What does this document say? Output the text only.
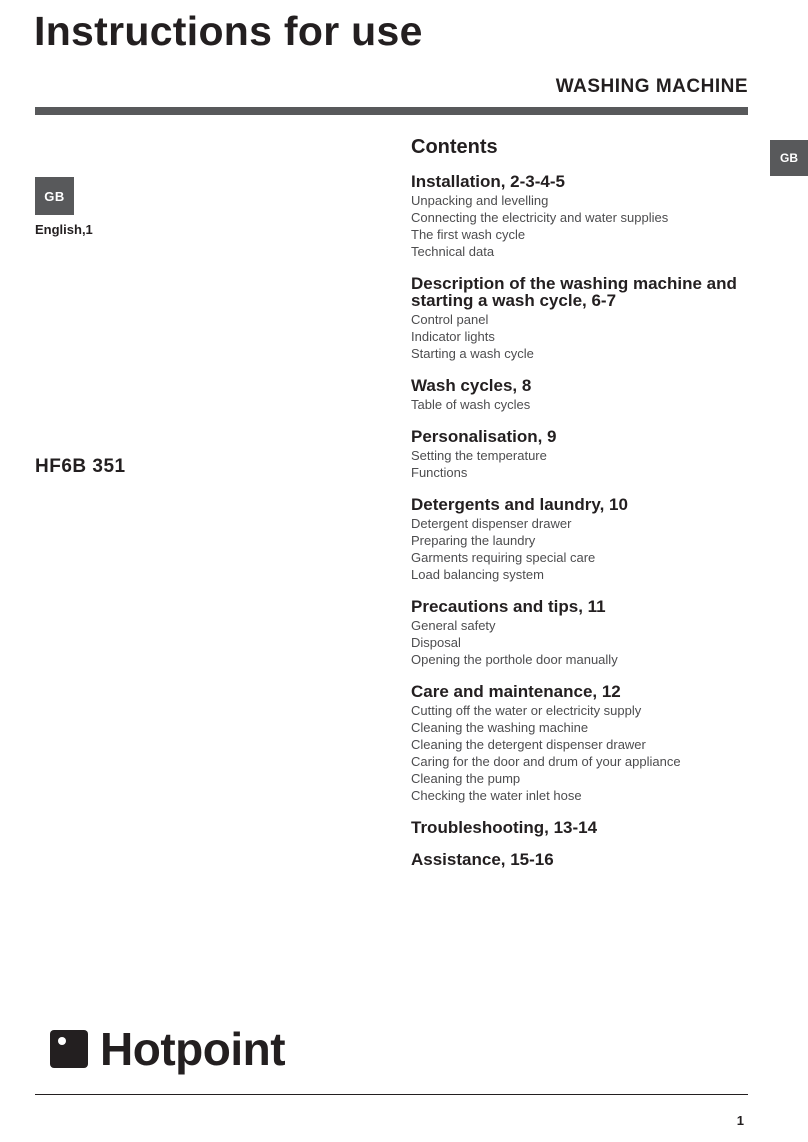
Instructions for use
WASHING MACHINE
GB
GB
English,1
HF6B 351
Contents
Installation, 2-3-4-5
Unpacking and levelling
Connecting the electricity and water supplies
The first wash cycle
Technical data
Description of the washing machine and starting a wash cycle, 6-7
Control panel
Indicator lights
Starting a wash cycle
Wash cycles, 8
Table of wash cycles
Personalisation, 9
Setting the temperature
Functions
Detergents and laundry, 10
Detergent dispenser drawer
Preparing the laundry
Garments requiring special care
Load balancing system
Precautions and tips, 11
General safety
Disposal
Opening the porthole door manually
Care and maintenance, 12
Cutting off the water or electricity supply
Cleaning the washing machine
Cleaning the detergent dispenser drawer
Caring for the door and drum of your appliance
Cleaning the pump
Checking the water inlet hose
Troubleshooting, 13-14
Assistance, 15-16
Hotpoint
1
